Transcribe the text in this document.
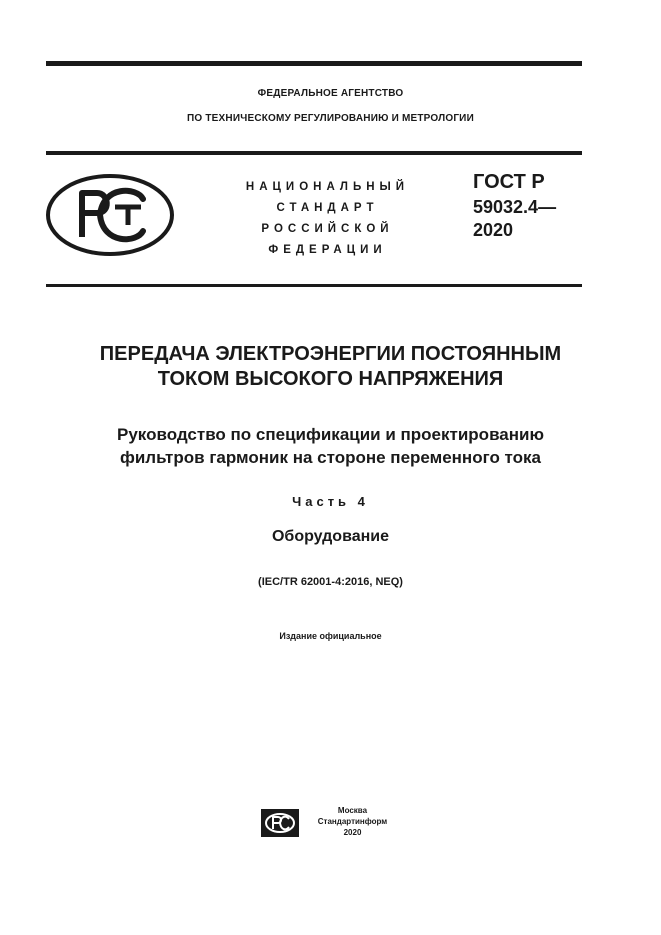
ФЕДЕРАЛЬНОЕ АГЕНТСТВО
ПО ТЕХНИЧЕСКОМУ РЕГУЛИРОВАНИЮ И МЕТРОЛОГИИ
НАЦИОНАЛЬНЫЙ
СТАНДАРТ
РОССИЙСКОЙ
ФЕДЕРАЦИИ
ГОСТ Р
59032.4—
2020
ПЕРЕДАЧА ЭЛЕКТРОЭНЕРГИИ ПОСТОЯННЫМ
ТОКОМ ВЫСОКОГО НАПРЯЖЕНИЯ
Руководство по спецификации и проектированию
фильтров гармоник на стороне переменного тока
Часть 4
Оборудование
(IEC/TR 62001-4:2016, NEQ)
Издание официальное
Москва
Стандартинформ
2020
